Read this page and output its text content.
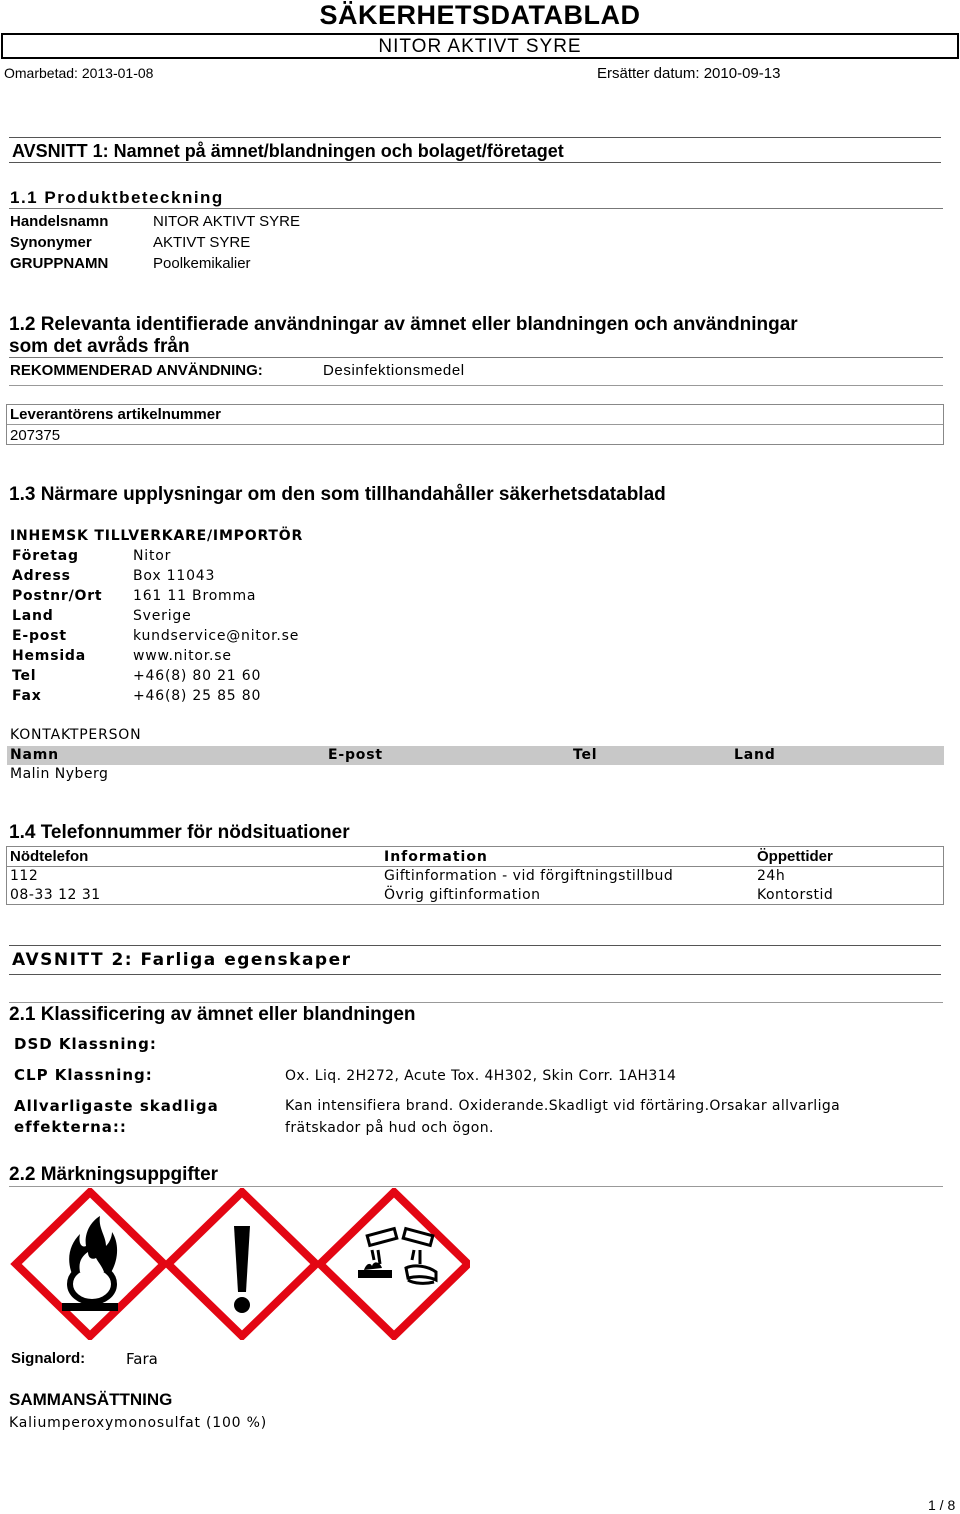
SÄKERHETSDATABLAD
NITOR AKTIVT SYRE
Omarbetad: 2013-01-08	Ersätter datum: 2010-09-13
AVSNITT 1: Namnet på ämnet/blandningen och bolaget/företaget
1.1 Produktbeteckning
Handelsnamn	NITOR AKTIVT SYRE
Synonymer	AKTIVT SYRE
GRUPPNAMN	Poolkemikalier
1.2 Relevanta identifierade användningar av ämnet eller blandningen och användningar
som det avråds från
REKOMMENDERAD ANVÄNDNING:	Desinfektionsmedel
Leverantörens artikelnummer
207375
1.3 Närmare upplysningar om den som tillhandahåller säkerhetsdatablad
INHEMSK TILLVERKARE/IMPORTÖR
Företag	Nitor
Adress	Box 11043
Postnr/Ort 161 11 Bromma
Land	Sverige
E-post	kundservice@nitor.se
Hemsida	www.nitor.se
Tel	+46(8) 80 21 60
Fax	+46(8) 25 85 80
KONTAKTPERSON
Namn	E-post	Tel	Land
Malin Nyberg
1.4 Telefonnummer för nödsituationer
Nödtelefon	Information	Öppettider
112	Giftinformation - vid förgiftningstillbud	24h
08-33 12 31	Övrig giftinformation	Kontorstid
AVSNITT 2: Farliga egenskaper
2.1 Klassificering av ämnet eller blandningen
DSD Klassning:
CLP Klassning:	Ox. Liq. 2H272, Acute Tox. 4H302, Skin Corr. 1AH314
Allvarligaste skadliga
effekterna::
Kan intensifiera brand. Oxiderande.Skadligt vid förtäring.Orsakar allvarliga
frätskador på hud och ögon.
2.2 Märkningsuppgifter
Signalord:	Fara
SAMMANSÄTTNING
Kaliumperoxymonosulfat (100 %)
1 / 8
